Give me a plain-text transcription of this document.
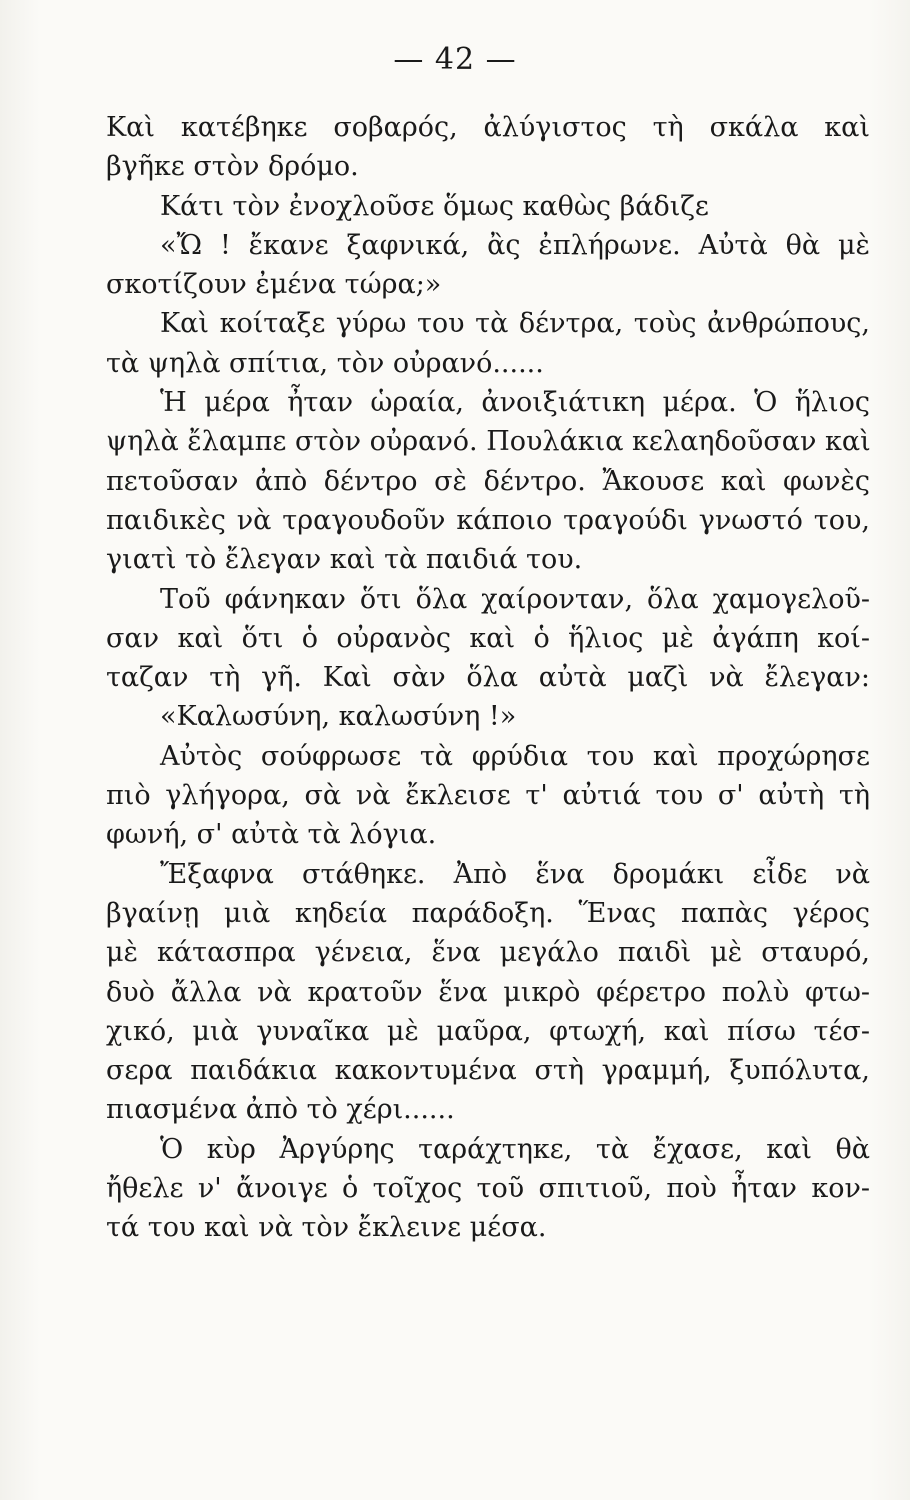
— 42 —
Καὶ κατέβηκε σοβαρός, ἀλύγιστος τὴ σκάλα καὶ
βγῆκε στὸν δρόμο.
Κάτι τὸν ἐνοχλοῦσε ὅμως καθὼς βάδιζε
«Ὤ ! ἔκανε ξαφνικά, ἂς ἐπλήρωνε. Αὐτὰ θὰ μὲ
σκοτίζουν ἐμένα τώρα;»
Καὶ κοίταξε γύρω του τὰ δέντρα, τοὺς ἀνθρώπους,
τὰ ψηλὰ σπίτια, τὸν οὐρανό......
Ἡ μέρα ἦταν ὡραία, ἀνοιξιάτικη μέρα. Ὁ ἥλιος
ψηλὰ ἔλαμπε στὸν οὐρανό. Πουλάκια κελαηδοῦσαν καὶ
πετοῦσαν ἀπὸ δέντρο σὲ δέντρο. Ἄκουσε καὶ φωνὲς
παιδικὲς νὰ τραγουδοῦν κάποιο τραγούδι γνωστό του,
γιατὶ τὸ ἔλεγαν καὶ τὰ παιδιά του.
Τοῦ φάνηκαν ὅτι ὅλα χαίρονταν, ὅλα χαμογελοῦ-
σαν καὶ ὅτι ὁ οὐρανὸς καὶ ὁ ἥλιος μὲ ἀγάπη κοί-
ταζαν τὴ γῆ. Καὶ σὰν ὅλα αὐτὰ μαζὶ νὰ ἔλεγαν:
«Καλωσύνη, καλωσύνη !»
Αὐτὸς σούφρωσε τὰ φρύδια του καὶ προχώρησε
πιὸ γλήγορα, σὰ νὰ ἔκλεισε τ' αὐτιά του σ' αὐτὴ τὴ
φωνή, σ' αὐτὰ τὰ λόγια.
Ἔξαφνα στάθηκε. Ἀπὸ ἕνα δρομάκι εἶδε νὰ
βγαίνῃ μιὰ κηδεία παράδοξη. Ἕνας παπὰς γέρος
μὲ κάτασπρα γένεια, ἕνα μεγάλο παιδὶ μὲ σταυρό,
δυὸ ἄλλα νὰ κρατοῦν ἕνα μικρὸ φέρετρο πολὺ φτω-
χικό, μιὰ γυναῖκα μὲ μαῦρα, φτωχή, καὶ πίσω τέσ-
σερα παιδάκια κακοντυμένα στὴ γραμμή, ξυπόλυτα,
πιασμένα ἀπὸ τὸ χέρι......
Ὁ κὺρ Ἀργύρης ταράχτηκε, τὰ ἔχασε, καὶ θὰ
ἤθελε ν' ἄνοιγε ὁ τοῖχος τοῦ σπιτιοῦ, ποὺ ἦταν κον-
τά του καὶ νὰ τὸν ἔκλεινε μέσα.
